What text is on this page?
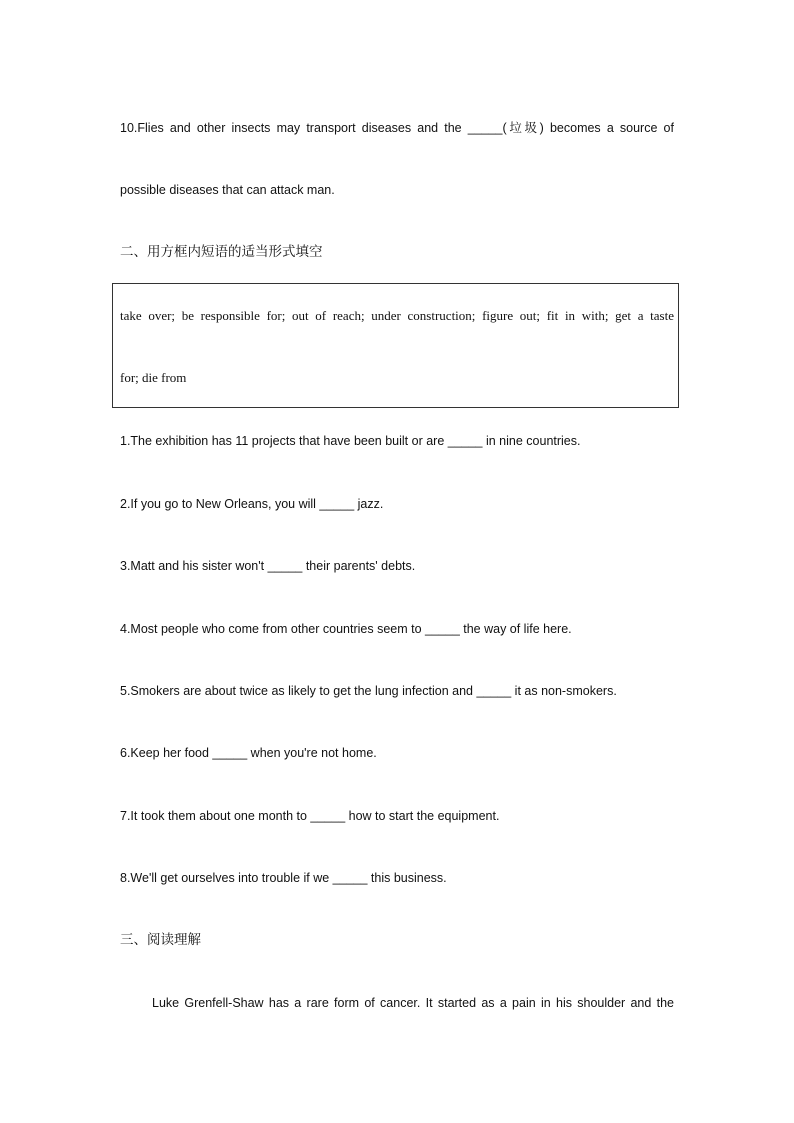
10.Flies and other insects may transport diseases and the _____(垃圾) becomes a source of
possible diseases that can attack man.
二、用方框内短语的适当形式填空
take over; be responsible for; out of reach; under construction; figure out; fit in with; get a taste
for; die from
1.The exhibition has 11 projects that have been built or are _____ in nine countries.
2.If you go to New Orleans, you will _____ jazz.
3.Matt and his sister won't _____ their parents' debts.
4.Most people who come from other countries seem to _____ the way of life here.
5.Smokers are about twice as likely to get the lung infection and _____ it as non-smokers.
6.Keep her food _____ when you're not home.
7.It took them about one month to _____ how to start the equipment.
8.We'll get ourselves into trouble if we _____ this business.
三、阅读理解
Luke Grenfell-Shaw has a rare form of cancer. It started as a pain in his shoulder and the
